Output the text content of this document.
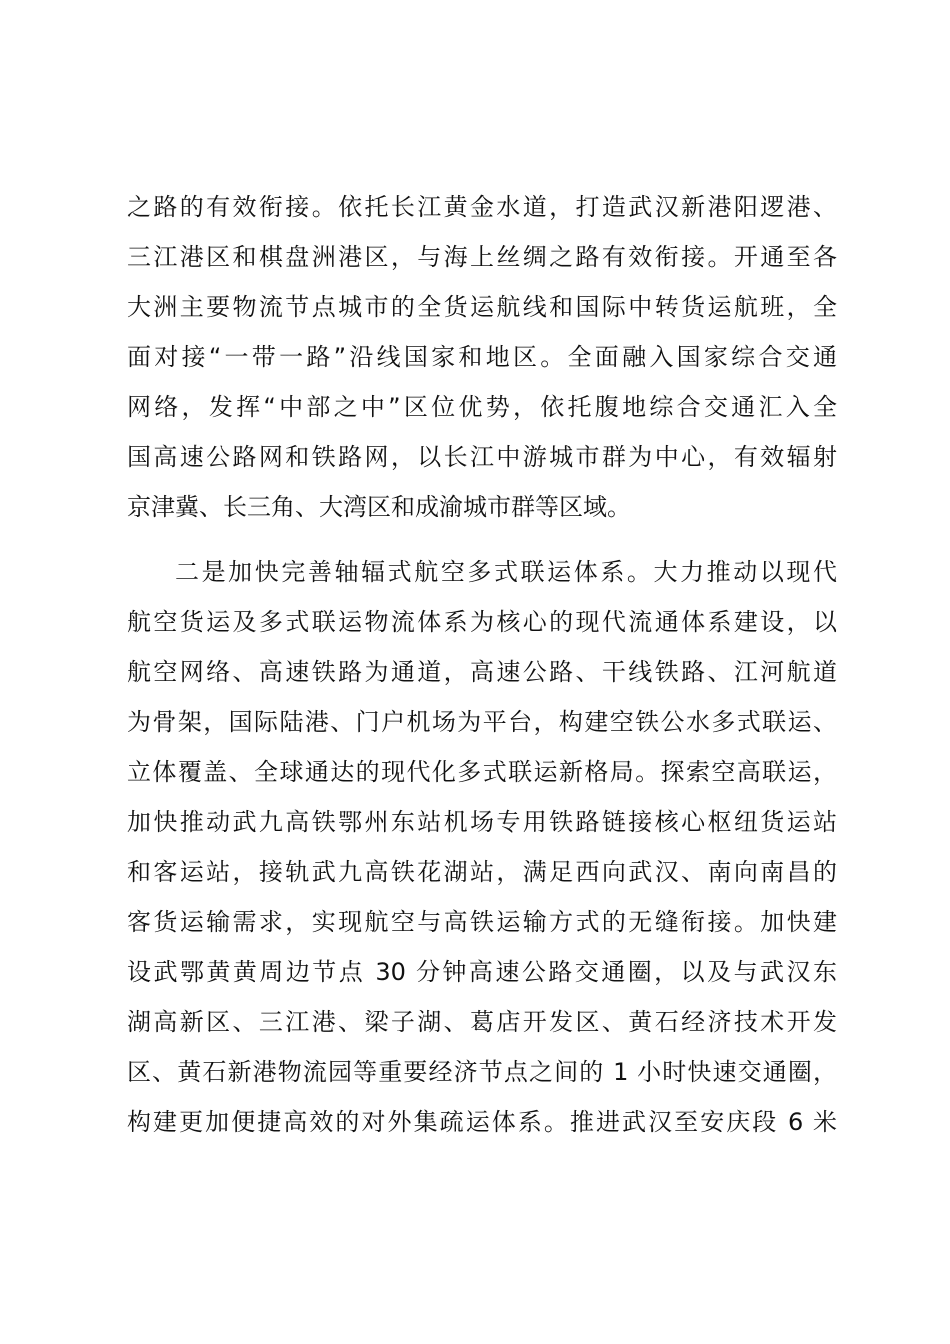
之路的有效衔接。依托长江黄金水道，打造武汉新港阳逻港、
三江港区和棋盘洲港区，与海上丝绸之路有效衔接。开通至各
大洲主要物流节点城市的全货运航线和国际中转货运航班，全
面对接“一带一路”沿线国家和地区。全面融入国家综合交通
网络，发挥“中部之中”区位优势，依托腹地综合交通汇入全
国高速公路网和铁路网，以长江中游城市群为中心，有效辐射
京津冀、长三角、大湾区和成渝城市群等区域。
二是加快完善轴辐式航空多式联运体系。大力推动以现代
航空货运及多式联运物流体系为核心的现代流通体系建设，以
航空网络、高速铁路为通道，高速公路、干线铁路、江河航道
为骨架，国际陆港、门户机场为平台，构建空铁公水多式联运、
立体覆盖、全球通达的现代化多式联运新格局。探索空高联运，
加快推动武九高铁鄂州东站机场专用铁路链接核心枢纽货运站
和客运站，接轨武九高铁花湖站，满足西向武汉、南向南昌的
客货运输需求，实现航空与高铁运输方式的无缝衔接。加快建
设武鄂黄黄周边节点 30 分钟高速公路交通圈，以及与武汉东
湖高新区、三江港、梁子湖、葛店开发区、黄石经济技术开发
区、黄石新港物流园等重要经济节点之间的 1 小时快速交通圈，
构建更加便捷高效的对外集疏运体系。推进武汉至安庆段 6 米
